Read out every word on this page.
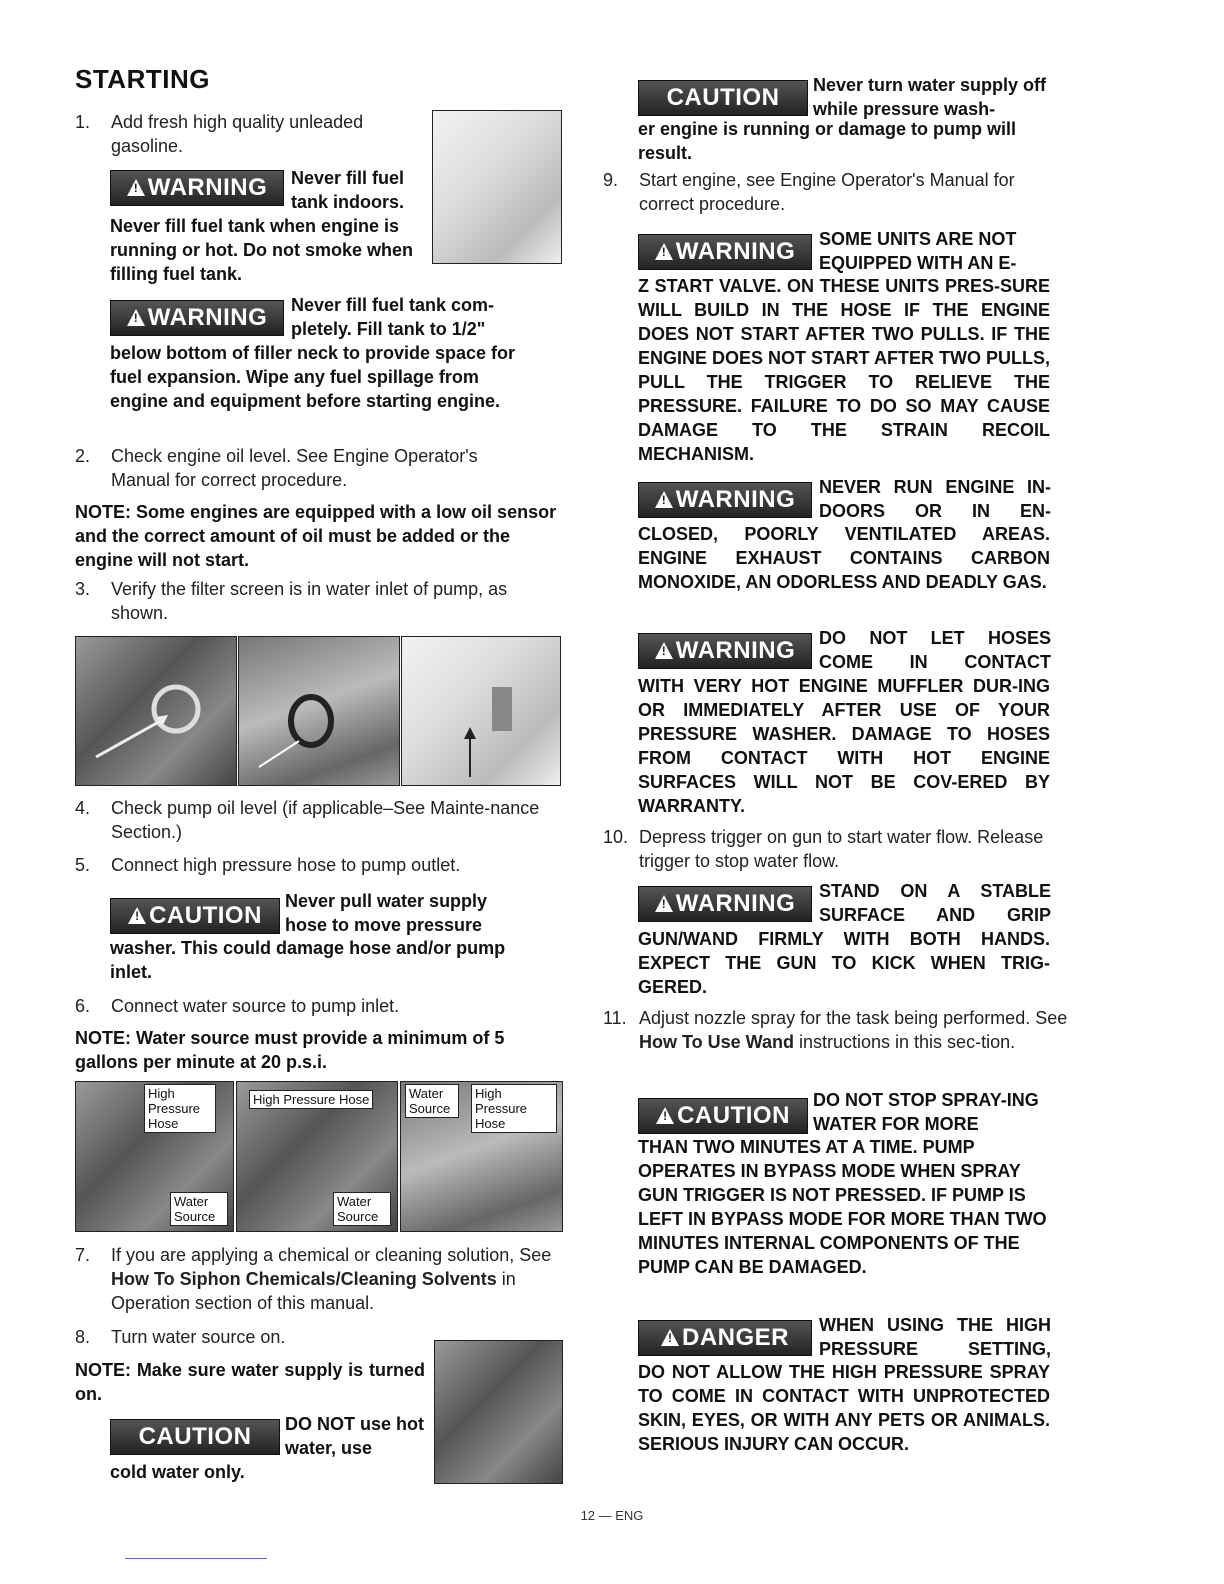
STARTING
1. Add fresh high quality unleaded gasoline.
!WARNING	Never fill fuel tank indoors.
Never fill fuel tank when engine is running or hot. Do not smoke when filling fuel tank.
!WARNING	Never fill fuel tank com-pletely. Fill tank to 1/2"
below bottom of filler neck to provide space for fuel expansion. Wipe any fuel spillage from engine and equipment before starting engine.
2. Check engine oil level. See Engine Operator's Manual for correct procedure.
NOTE: Some engines are equipped with a low oil sensor and the correct amount of oil must be added or the engine will not start.
3. Verify the filter screen is in water inlet of pump, as shown.
4. Check pump oil level (if applicable–See Mainte-nance Section.)
5. Connect high pressure hose to pump outlet.
!CAUTION
Never pull water supply hose to move pressure
washer. This could damage hose and/or pump inlet.
6. Connect water source to pump inlet.
NOTE: Water source must provide a minimum of 5 gallons per minute at 20 p.s.i.
High Pressure Hose
Water Source
High Pressure Hose
Water Source
Water Source
High Pressure Hose
7. If you are applying a chemical or cleaning solution, See How To Siphon Chemicals/Cleaning Solvents in Operation section of this manual.
8. Turn water source on.
NOTE: Make sure water supply is turned on.
CAUTION	DO NOT use hot water, use
cold water only.
CAUTION	Never turn water supply off while pressure wash-
er engine is running or damage to pump will result.
9. Start engine, see Engine Operator's Manual for correct procedure.
!WARNING	SOME UNITS ARE NOT EQUIPPED WITH AN E-
Z START VALVE. ON THESE UNITS PRES-SURE WILL BUILD IN THE HOSE IF THE ENGINE DOES NOT START AFTER TWO PULLS. IF THE ENGINE DOES NOT START AFTER TWO PULLS, PULL THE TRIGGER TO RELIEVE THE PRESSURE. FAILURE TO DO SO MAY CAUSE DAMAGE TO THE STRAIN RECOIL MECHANISM.
!WARNING	NEVER RUN ENGINE IN-DOORS OR IN EN-
CLOSED, POORLY VENTILATED AREAS. ENGINE EXHAUST CONTAINS CARBON MONOXIDE, AN ODORLESS AND DEADLY GAS.
!WARNING	DO NOT LET HOSES COME IN CONTACT
WITH VERY HOT ENGINE MUFFLER DUR-ING OR IMMEDIATELY AFTER USE OF YOUR PRESSURE WASHER. DAMAGE TO HOSES FROM CONTACT WITH HOT ENGINE SURFACES WILL NOT BE COV-ERED BY WARRANTY.
10. Depress trigger on gun to start water flow. Release trigger to stop water flow.
!WARNING	STAND ON A STABLE SURFACE AND GRIP
GUN/WAND FIRMLY WITH BOTH HANDS. EXPECT THE GUN TO KICK WHEN TRIG-GERED.
11. Adjust nozzle spray for the task being performed. See How To Use Wand instructions in this sec-tion.
!CAUTION
DO NOT STOP SPRAY-ING WATER FOR MORE
THAN TWO MINUTES AT A TIME. PUMP OPERATES IN BYPASS MODE WHEN SPRAY GUN TRIGGER IS NOT PRESSED. IF PUMP IS LEFT IN BYPASS MODE FOR MORE THAN TWO MINUTES INTERNAL COMPONENTS OF THE PUMP CAN BE DAMAGED.
!DANGER	WHEN USING THE HIGH PRESSURE SETTING,
DO NOT ALLOW THE HIGH PRESSURE SPRAY TO COME IN CONTACT WITH UNPROTECTED SKIN, EYES, OR WITH ANY PETS OR ANIMALS. SERIOUS INJURY CAN OCCUR.
12 — ENG
